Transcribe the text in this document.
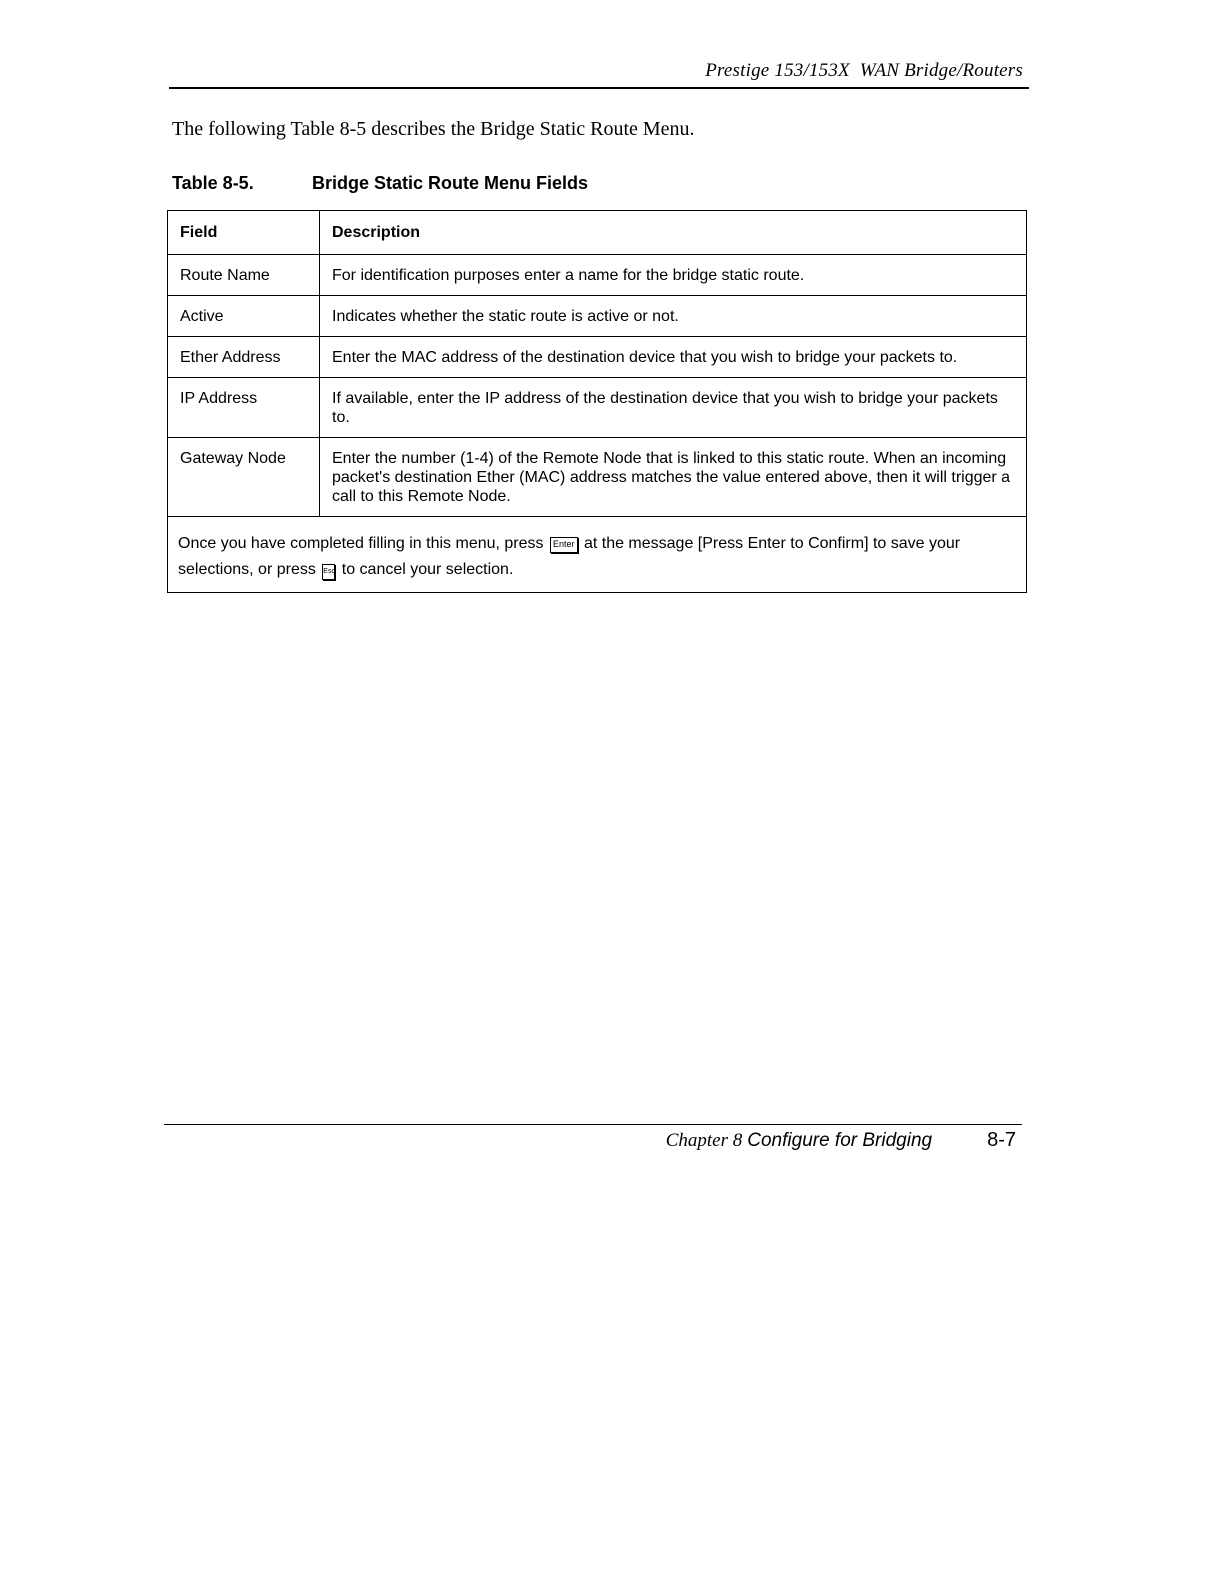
Prestige 153/153X  WAN Bridge/Routers
The following Table 8-5 describes the Bridge Static Route Menu.
Table 8-5.	Bridge Static Route Menu Fields
Field	Description
Route Name	For identification purposes enter a name for the bridge static route.
Active	Indicates whether the static route is active or not.
Ether Address	Enter the MAC address of the destination device that you wish to bridge your packets to.
IP Address	If available, enter the IP address of the destination device that you wish to bridge your packets to.
Gateway Node	Enter the number (1-4) of the Remote Node that is linked to this static route. When an incoming packet's destination Ether (MAC) address matches the value entered above, then it will trigger a call to this Remote Node.
Once you have completed filling in this menu, press Enter at the message [Press Enter to Confirm] to save your selections, or press Esc to cancel your selection.	
Chapter 8 Configure for Bridging	8-7
